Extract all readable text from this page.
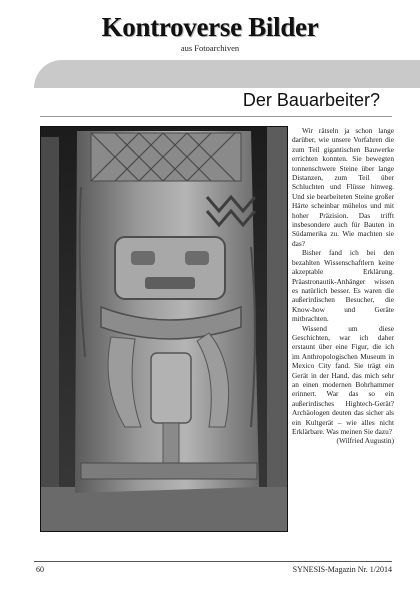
Kontroverse Bilder
aus Fotoarchiven
Der Bauarbeiter?

Wir rätseln ja schon lange darüber, wie unsere Vorfahren die zum Teil gigantischen Bauwerke errichten konnten. Sie bewegten tonnenschwere Steine über lange Distanzen, zum Teil über Schluchten und Flüsse hinweg. Und sie bearbeiteten Steine großer Härte scheinbar mühelos und mit hoher Präzision. Das trifft insbesondere auch für Bauten in Südamerika zu. Wie machten sie das?

Bisher fand ich bei den bezahlten Wissenschaftlern keine akzeptable Erklärung. Präastronautik-Anhänger wissen es natürlich besser. Es waren die außerirdischen Besucher, die Know-how und Geräte mitbrachten.

Wissend um diese Geschichten, war ich daher erstaunt über eine Figur, die ich im Anthropologischen Museum in Mexico City fand. Sie trägt ein Gerät in der Hand, das mich sehr an einen modernen Bohrhammer erinnert. War das so ein außerirdisches Hightech-Gerät? Archäologen deuten das sicher als ein Kultgerät – wie alles nicht Erklärbare. Was meinen Sie dazu?

(Wilfried Augustin)

60	SYNESIS-Magazin Nr. 1/2014
